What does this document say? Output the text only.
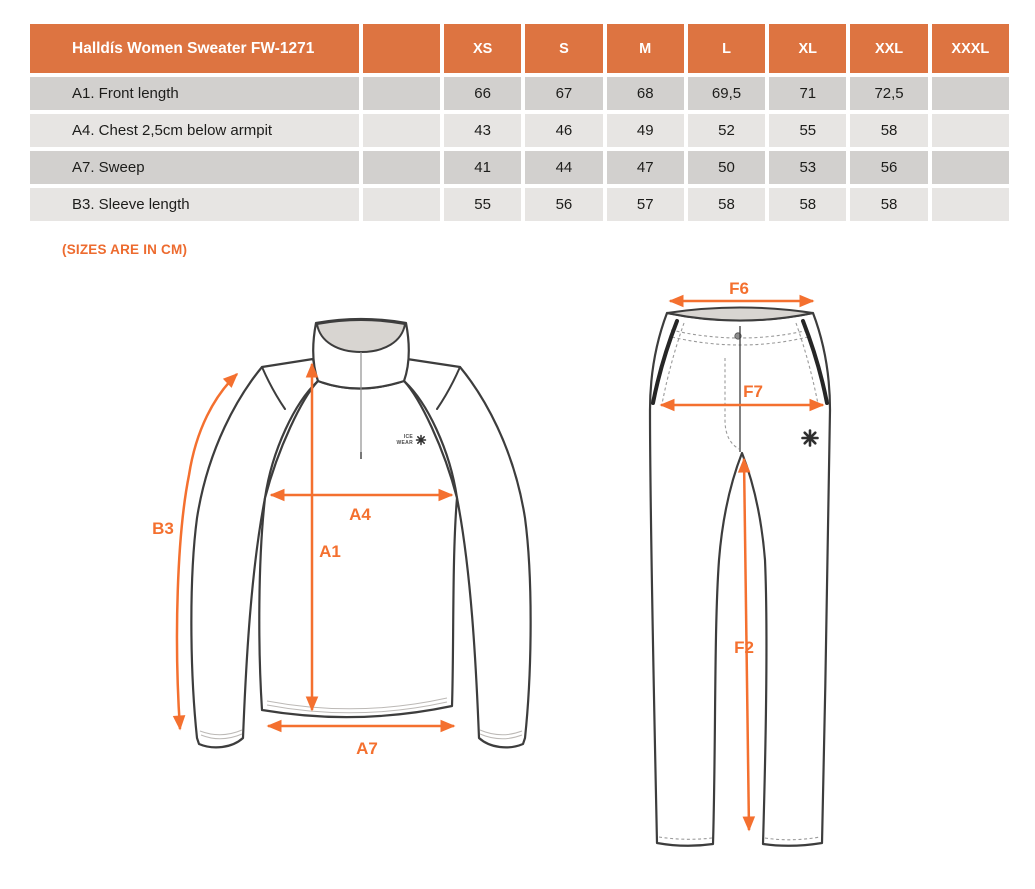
Halldís Women Sweater FW-1271	XS	S	M	L	XL	XXL	XXXL
A1. Front length	66	67	68	69,5	71	72,5
A4. Chest 2,5cm below armpit	43	46	49	52	55	58
A7. Sweep	41	44	47	50	53	56
B3. Sleeve length	55	56	57	58	58	58
(SIZES ARE IN CM)
ICE
WEAR
B3
A4
A1
A7
F6
F7
F2
